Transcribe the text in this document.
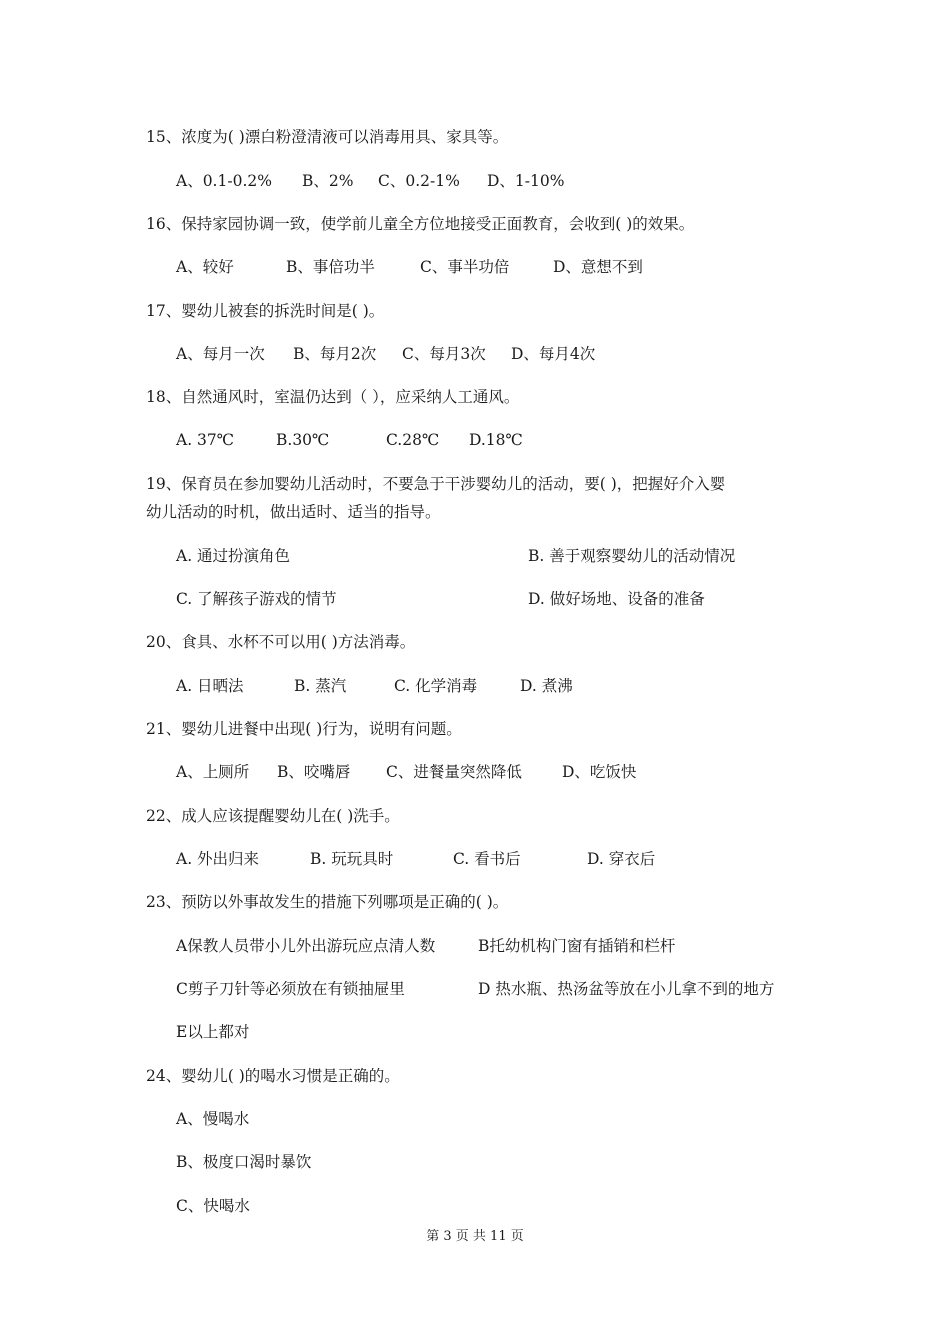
15、浓度为( )漂白粉澄清液可以消毒用具、家具等。
A、0.1-0.2% B、2% C、0.2-1% D、1-10%
16、保持家园协调一致，使学前儿童全方位地接受正面教育，会收到( )的效果。
A、较好	B、事倍功半	C、事半功倍	D、意想不到
17、婴幼儿被套的拆洗时间是( )。
A、每月一次 B、每月2次 C、每月3次 D、每月4次
18、自然通风时，室温仍达到（ ），应采纳人工通风。
A. 37℃	B.30℃	C.28℃ D.18℃
19、保育员在参加婴幼儿活动时，不要急于干涉婴幼儿的活动，要( )，把握好介入婴
幼儿活动的时机，做出适时、适当的指导。
A. 通过扮演角色	B. 善于观察婴幼儿的活动情况
C. 了解孩子游戏的情节	D. 做好场地、设备的准备
20、食具、水杯不可以用( )方法消毒。
A. 日晒法	B. 蒸汽	C. 化学消毒	D. 煮沸
21、婴幼儿进餐中出现( )行为，说明有问题。
A、上厕所 B、咬嘴唇 C、进餐量突然降低	D、吃饭快
22、成人应该提醒婴幼儿在( )洗手。
A. 外出归来	B. 玩玩具时	C. 看书后	D. 穿衣后
23、预防以外事故发生的措施下列哪项是正确的( )。
A保教人员带小儿外出游玩应点清人数	B托幼机构门窗有插销和栏杆
C剪子刀针等必须放在有锁抽屉里	D 热水瓶、热汤盆等放在小儿拿不到的地方
E以上都对
24、婴幼儿( )的喝水习惯是正确的。
A、慢喝水
B、极度口渴时暴饮
C、快喝水
第 3 页 共 11 页
